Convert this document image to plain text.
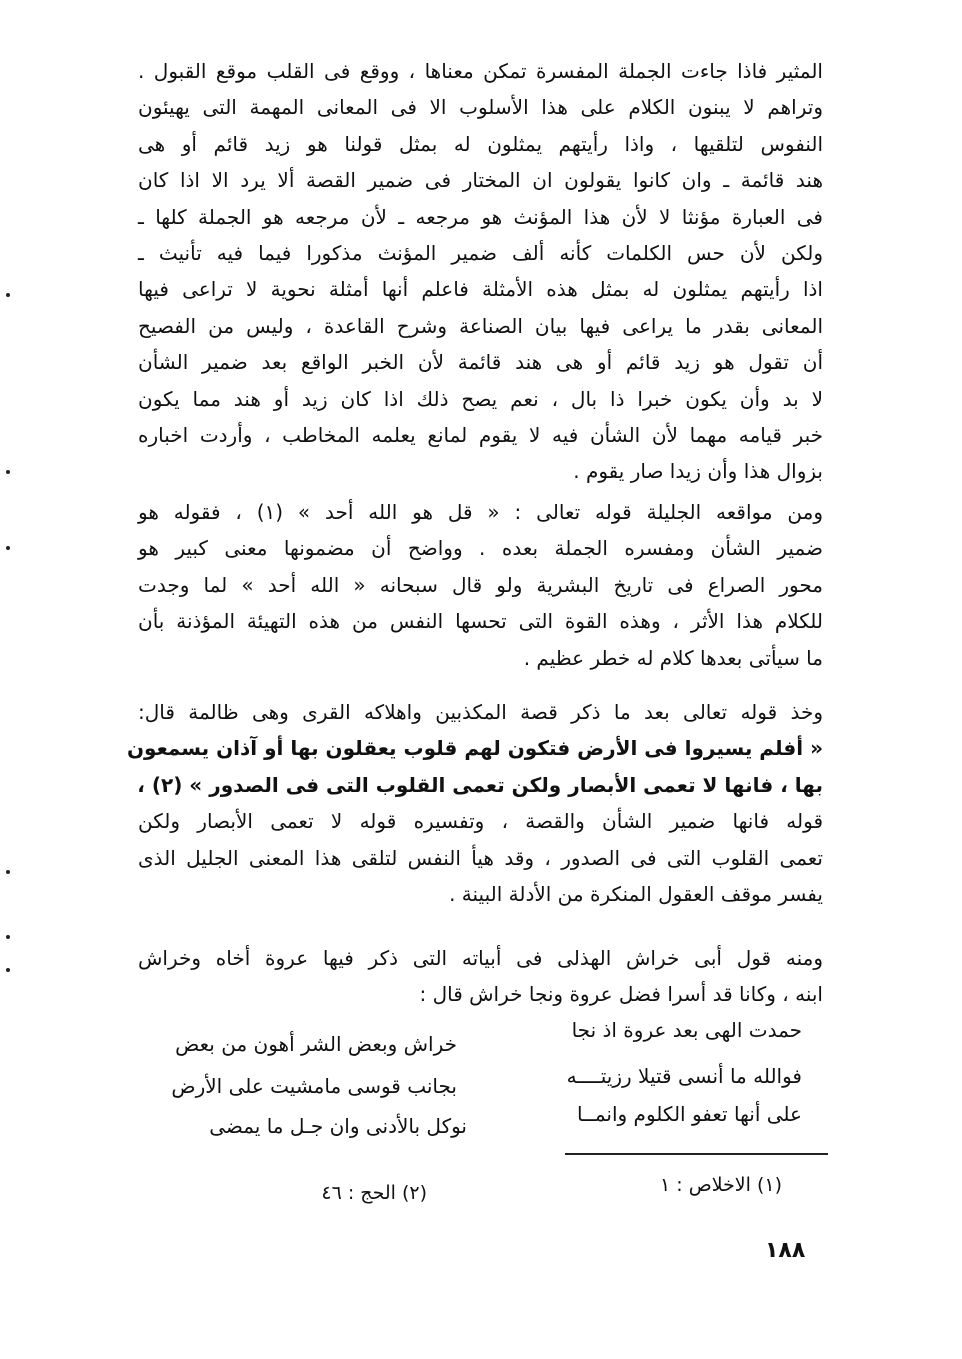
المثير فاذا جاءت الجملة المفسرة تمكن معناها ، ووقع فى القلب موقع القبول .
وتراهم لا يبنون الكلام على هذا الأسلوب الا فى المعانى المهمة التى يهيئون
النفوس لتلقيها ، واذا رأيتهم يمثلون له بمثل قولنا هو زيد قائم أو هى
هند قائمة ـ وان كانوا يقولون ان المختار فى ضمير القصة ألا يرد الا اذا كان
فى العبارة مؤنثا لا لأن هذا المؤنث هو مرجعه ـ لأن مرجعه هو الجملة كلها ـ
ولكن لأن حس الكلمات كأنه ألف ضمير المؤنث مذكورا فيما فيه تأنيث ـ
اذا رأيتهم يمثلون له بمثل هذه الأمثلة فاعلم أنها أمثلة نحوية لا تراعى فيها
المعانى بقدر ما يراعى فيها بيان الصناعة وشرح القاعدة ، وليس من الفصيح
أن تقول هو زيد قائم أو هى هند قائمة لأن الخبر الواقع بعد ضمير الشأن
لا بد وأن يكون خبرا ذا بال ، نعم يصح ذلك اذا كان زيد أو هند مما يكون
خبر قيامه مهما لأن الشأن فيه لا يقوم لمانع يعلمه المخاطب ، وأردت اخباره
بزوال هذا وأن زيدا صار يقوم .
ومن مواقعه الجليلة قوله تعالى : « قل هو الله أحد » (١) ، فقوله هو
ضمير الشأن ومفسره الجملة بعده . وواضح أن مضمونها معنى كبير هو
محور الصراع فى تاريخ البشرية ولو قال سبحانه « الله أحد » لما وجدت
للكلام هذا الأثر ، وهذه القوة التى تحسها النفس من هذه التهيئة المؤذنة بأن
ما سيأتى بعدها كلام له خطر عظيم .
وخذ قوله تعالى بعد ما ذكر قصة المكذبين واهلاكه القرى وهى ظالمة قال:
« أفلم يسيروا فى الأرض فتكون لهم قلوب يعقلون بها أو آذان يسمعون
بها ، فانها لا تعمى الأبصار ولكن تعمى القلوب التى فى الصدور » (٢) ،
قوله فانها ضمير الشأن والقصة ، وتفسيره قوله لا تعمى الأبصار ولكن
تعمى القلوب التى فى الصدور ، وقد هيأ النفس لتلقى هذا المعنى الجليل الذى
يفسر موقف العقول المنكرة من الأدلة البينة .
ومنه قول أبى خراش الهذلى فى أبياته التى ذكر فيها عروة أخاه وخراش
ابنه ، وكانا قد أسرا فضل عروة ونجا خراش قال :
حمدت الهى بعد عروة اذ نجا
خراش وبعض الشر أهون من بعض
فوالله ما أنسى قتيلا رزيتــــه
بجانب قوسى مامشيت على الأرض
على أنها تعفو الكلوم وانمــا
نوكل بالأدنى وان جـل ما يمضى
(١) الاخلاص : ١
(٢) الحج : ٤٦
١٨٨
